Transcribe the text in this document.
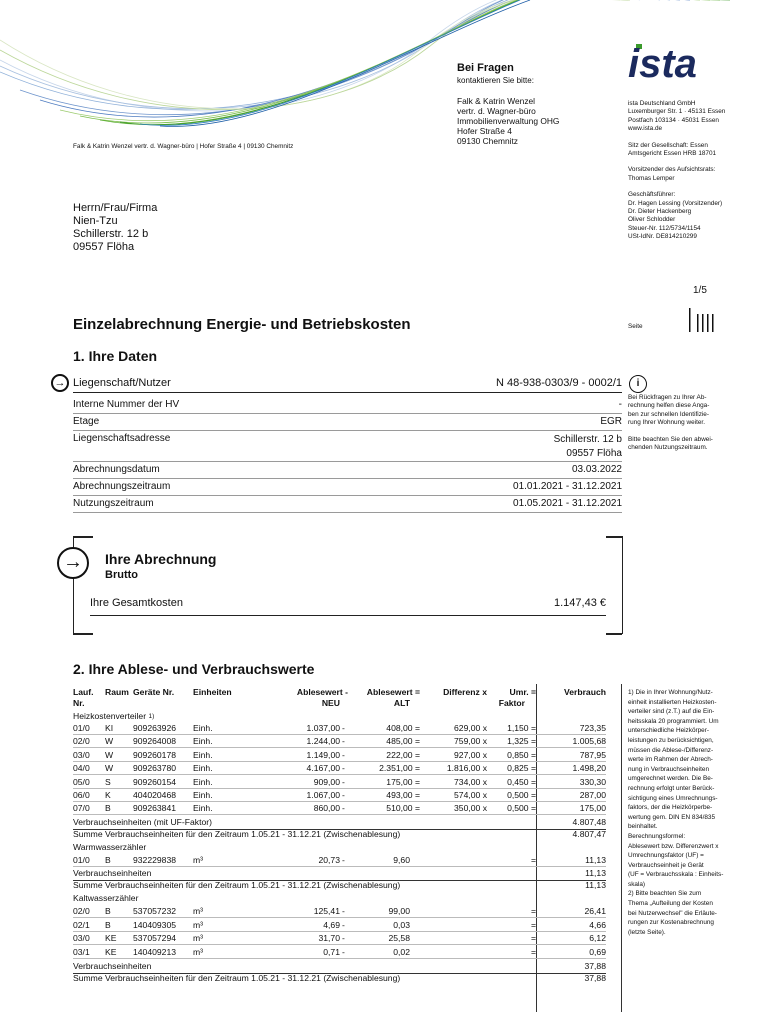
ista
Bei Fragen
kontaktieren Sie bitte:
Falk & Katrin Wenzel
vertr. d. Wagner-büro
Immobilienverwaltung OHG
Hofer Straße 4
09130 Chemnitz
ista Deutschland GmbH
Luxemburger Str. 1 · 45131 Essen
Postfach 103134 · 45031 Essen
www.ista.de
Sitz der Gesellschaft: Essen
Amtsgericht Essen HRB 18701
Vorsitzender des Aufsichtsrats:
Thomas Lemper
Geschäftsführer:
Dr. Hagen Lessing (Vorsitzender)
Dr. Dieter Hackenberg
Oliver Schlodder
Steuer-Nr. 112/5734/1154
USt-IdNr. DE814210299
Falk & Katrin Wenzel vertr. d. Wagner-büro | Hofer Straße 4 | 09130 Chemnitz
Herrn/Frau/Firma
Nien-Tzu
Schillerstr. 12 b
09557 Flöha
1/5
Seite
Einzelabrechnung Energie- und Betriebskosten
1. Ihre Daten
→ Liegenschaft/Nutzer	N 48-938-0303/9 - 0002/1	i
Interne Nummer der HV	-
Etage	EGR
Liegenschaftsadresse	Schillerstr. 12 b
09557 Flöha
Abrechnungsdatum	03.03.2022
Abrechnungszeitraum	01.01.2021 - 31.12.2021
Nutzungszeitraum	01.05.2021 - 31.12.2021
Bei Rückfragen zu Ihrer Ab-
rechnung helfen diese Anga-
ben zur schnellen Identifizie-
rung Ihrer Wohnung weiter.
Bitte beachten Sie den abwei-
chenden Nutzungszeitraum.
→	Ihre Abrechnung
Brutto
Ihre Gesamtkosten	1.147,43 €
2. Ihre Ablese- und Verbrauchswerte
Lauf.
Nr.
Raum Geräte Nr. Einheiten	Ablesewert -
NEU
Ablesewert =
ALT
Differenz x	Umr. =
Faktor
Verbrauch
Heizkostenverteiler $^{1)}$
01/0 KI 909263926 Einh.	1.037,00 -	408,00 =	629,00 x	1,150 =	723,35
02/0 W 909264008 Einh.	1.244,00 -	485,00 =	759,00 x	1,325 =	1.005,68
03/0 W 909260178 Einh.	1.149,00 -	222,00 =	927,00 x	0,850 =	787,95
04/0 W 909263780 Einh.	4.167,00 -	2.351,00 =	1.816,00 x	0,825 =	1.498,20
05/0 S	909260154 Einh.	909,00 -	175,00 =	734,00 x	0,450 =	330,30
06/0 K	404020468 Einh.	1.067,00 -	493,00 =	574,00 x	0,500 =	287,00
07/0 B	909263841 Einh.	860,00 -	510,00 =	350,00 x	0,500 =	175,00
Verbrauchseinheiten (mit UF-Faktor)	4.807,48
Summe Verbrauchseinheiten für den Zeitraum 1.05.21 - 31.12.21 (Zwischenablesung)	4.807,47
Warmwasserzähler
01/0 B	932229838 m³	20,73 -	9,60	=	11,13
Verbrauchseinheiten	11,13
Summe Verbrauchseinheiten für den Zeitraum 1.05.21 - 31.12.21 (Zwischenablesung)	11,13
Kaltwasserzähler
02/0 B	537057232 m³	125,41 -	99,00	=	26,41
02/1 B	140409305 m³	4,69 -	0,03	=	4,66
03/0 KE 537057294 m³	31,70 -	25,58	=	6,12
03/1 KE 140409213 m³	0,71 -	0,02	=	0,69
Verbrauchseinheiten	37,88
Summe Verbrauchseinheiten für den Zeitraum 1.05.21 - 31.12.21 (Zwischenablesung)	37,88
1) Die in Ihrer Wohnung/Nutz-
einheit installierten Heizkosten-
verteiler sind (z.T.) auf die Ein-
heitsskala 20 programmiert. Um
unterschiedliche Heizkörper-
leistungen zu berücksichtigen,
müssen die Ablese-/Differenz-
werte im Rahmen der Abrech-
nung in Verbrauchseinheiten
umgerechnet werden. Die Be-
rechnung erfolgt unter Berück-
sichtigung eines Umrechnungs-
faktors, der die Heizkörperbe-
wertung gem. DIN EN 834/835
beinhaltet.
Berechnungsformel:
Ablesewert bzw. Differenzwert x
Umrechnungsfaktor (UF) =
Verbrauchseinheit je Gerät
(UF = Verbrauchsskala : Einheits-
skala)
2) Bitte beachten Sie zum
Thema „Aufteilung der Kosten
bei Nutzerwechsel" die Erläute-
rungen zur Kostenabrechnung
(letzte Seite).
